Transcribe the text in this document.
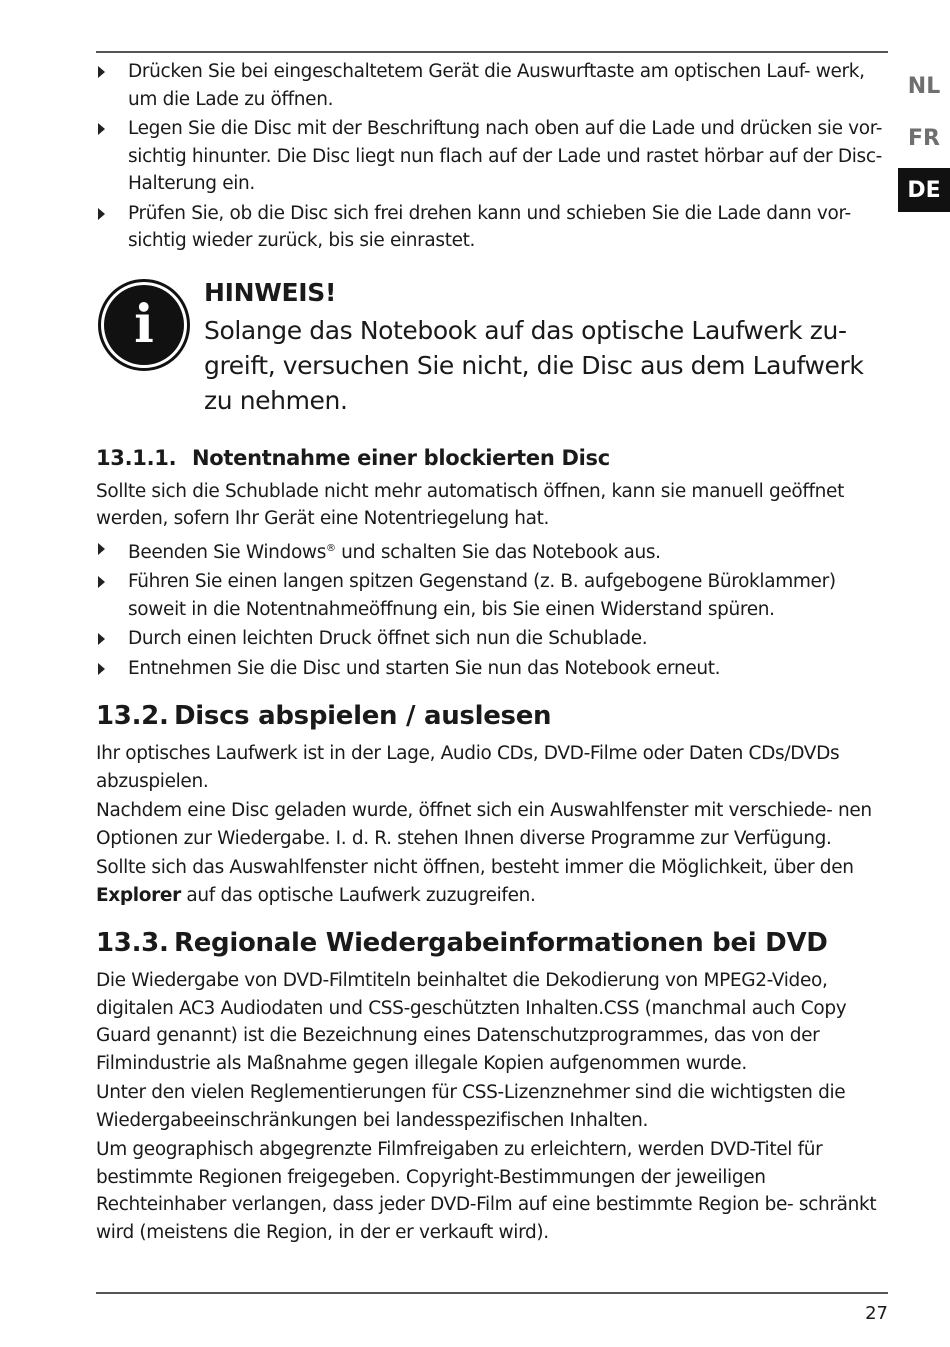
NL
FR
DE
Drücken Sie bei eingeschaltetem Gerät die Auswurftaste am optischen Lauf- werk, um die Lade zu öffnen.
Legen Sie die Disc mit der Beschriftung nach oben auf die Lade und drücken sie vor- sichtig hinunter. Die Disc liegt nun flach auf der Lade und rastet hörbar auf der Disc-Halterung ein.
Prüfen Sie, ob die Disc sich frei drehen kann und schieben Sie die Lade dann vor- sichtig wieder zurück, bis sie einrastet.
i
HINWEIS!
Solange das Notebook auf das optische Laufwerk zu- greift, versuchen Sie nicht, die Disc aus dem Laufwerk zu nehmen.
13.1.1. Notentnahme einer blockierten Disc

Sollte sich die Schublade nicht mehr automatisch öffnen, kann sie manuell geöffnet werden, sofern Ihr Gerät eine Notentriegelung hat.

Beenden Sie Windows® und schalten Sie das Notebook aus.
Führen Sie einen langen spitzen Gegenstand (z. B. aufgebogene Büroklammer) soweit in die Notentnahmeöffnung ein, bis Sie einen Widerstand spüren.
Durch einen leichten Druck öffnet sich nun die Schublade.
Entnehmen Sie die Disc und starten Sie nun das Notebook erneut.
13.2. Discs abspielen / auslesen

Ihr optisches Laufwerk ist in der Lage, Audio CDs, DVD-Filme oder Daten CDs/DVDs abzuspielen.

Nachdem eine Disc geladen wurde, öffnet sich ein Auswahlfenster mit verschiede- nen Optionen zur Wiedergabe. I. d. R. stehen Ihnen diverse Programme zur Verfügung.

Sollte sich das Auswahlfenster nicht öffnen, besteht immer die Möglichkeit, über den Explorer auf das optische Laufwerk zuzugreifen.

13.3. Regionale Wiedergabeinformationen bei DVD

Die Wiedergabe von DVD-Filmtiteln beinhaltet die Dekodierung von MPEG2-Video, digitalen AC3 Audiodaten und CSS-geschützten Inhalten.CSS (manchmal auch Copy Guard genannt) ist die Bezeichnung eines Datenschutzprogrammes, das von der Filmindustrie als Maßnahme gegen illegale Kopien aufgenommen wurde.

Unter den vielen Reglementierungen für CSS-Lizenznehmer sind die wichtigsten die Wiedergabeeinschränkungen bei landesspezifischen Inhalten.

Um geographisch abgegrenzte Filmfreigaben zu erleichtern, werden DVD-Titel für bestimmte Regionen freigegeben. Copyright-Bestimmungen der jeweiligen Rechteinhaber verlangen, dass jeder DVD-Film auf eine bestimmte Region be- schränkt wird (meistens die Region, in der er verkauft wird).

27
